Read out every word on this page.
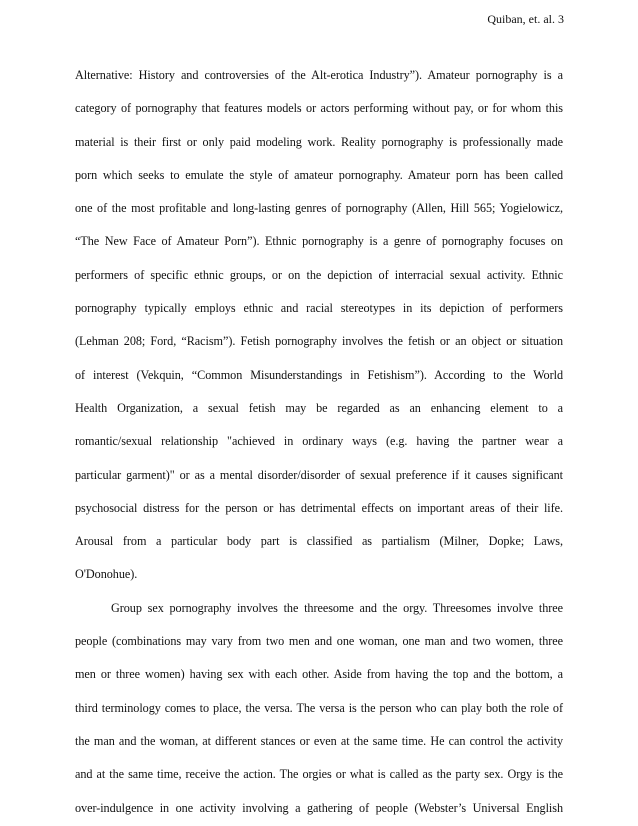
Quiban, et. al. 3

Alternative: History and controversies of the Alt-erotica Industry”). Amateur pornography is a
category of pornography that features models or actors performing without pay, or for whom this
material is their first or only paid modeling work. Reality pornography is professionally made
porn which seeks to emulate the style of amateur pornography. Amateur porn has been called
one of the most profitable and long-lasting genres of pornography (Allen, Hill 565; Yogielowicz,
“The New Face of Amateur Porn”). Ethnic pornography is a genre of pornography focuses on
performers of specific ethnic groups, or on the depiction of interracial sexual activity. Ethnic
pornography typically employs ethnic and racial stereotypes in its depiction of performers
(Lehman 208; Ford, “Racism”). Fetish pornography involves the fetish or an object or situation
of interest (Vekquin, “Common Misunderstandings in Fetishism”). According to the World
Health Organization, a sexual fetish may be regarded as an enhancing element to a
romantic/sexual relationship "achieved in ordinary ways (e.g. having the partner wear a
particular garment)" or as a mental disorder/disorder of sexual preference if it causes significant
psychosocial distress for the person or has detrimental effects on important areas of their life.
Arousal from a particular body part is classified as partialism (Milner, Dopke; Laws,
O'Donohue).

Group sex pornography involves the threesome and the orgy. Threesomes involve three
people (combinations may vary from two men and one woman, one man and two women, three
men or three women) having sex with each other. Aside from having the top and the bottom, a
third terminology comes to place, the versa. The versa is the person who can play both the role of
the man and the woman, at different stances or even at the same time. He can control the activity
and at the same time, receive the action. The orgies or what is called as the party sex. Orgy is the
over-indulgence in one activity involving a gathering of people (Webster’s Universal English
